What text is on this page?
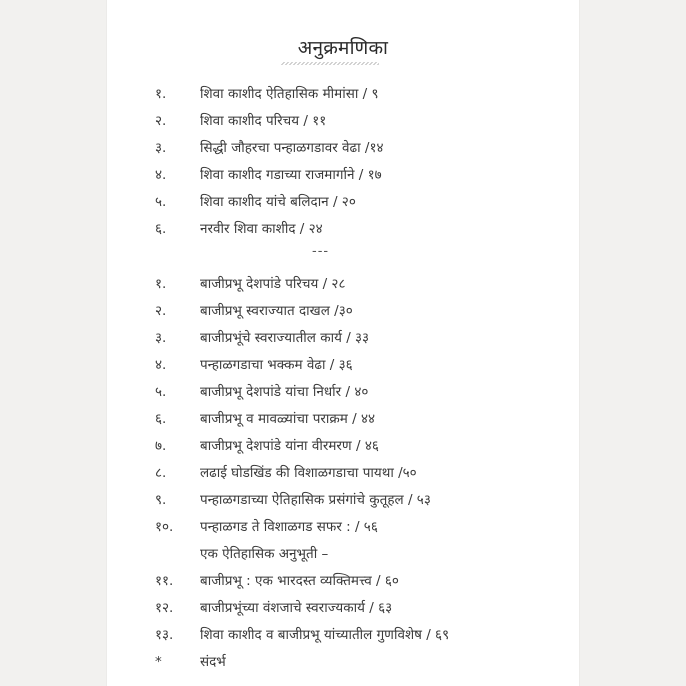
अनुक्रमणिका
१.	शिवा काशीद ऐतिहासिक मीमांसा / ९
२.	शिवा काशीद परिचय / ११
३.	सिद्धी जौहरचा पन्हाळगडावर वेढा /१४
४.	शिवा काशीद गडाच्या राजमार्गाने / १७
५.	शिवा काशीद यांचे बलिदान / २०
६.	नरवीर शिवा काशीद / २४
---
१.	बाजीप्रभू देशपांडे परिचय / २८
२.	बाजीप्रभू स्वराज्यात दाखल /३०
३.	बाजीप्रभूंचे स्वराज्यातील कार्य / ३३
४.	पन्हाळगडाचा भक्कम वेढा / ३६
५.	बाजीप्रभू देशपांडे यांचा निर्धार / ४०
६.	बाजीप्रभू व मावळ्यांचा पराक्रम / ४४
७.	बाजीप्रभू देशपांडे यांना वीरमरण / ४६
८.	लढाई घोडखिंड की विशाळगडाचा पायथा /५०
९.	पन्हाळगडाच्या ऐतिहासिक प्रसंगांचे कुतूहल / ५३
१०.	पन्हाळगड ते विशाळगड सफर : / ५६
एक ऐतिहासिक अनुभूती –
११.	बाजीप्रभू : एक भारदस्त व्यक्तिमत्त्व / ६०
१२.	बाजीप्रभूंच्या वंशजाचे स्वराज्यकार्य / ६३
१३.	शिवा काशीद व बाजीप्रभू यांच्यातील गुणविशेष / ६९
*	संदर्भ
